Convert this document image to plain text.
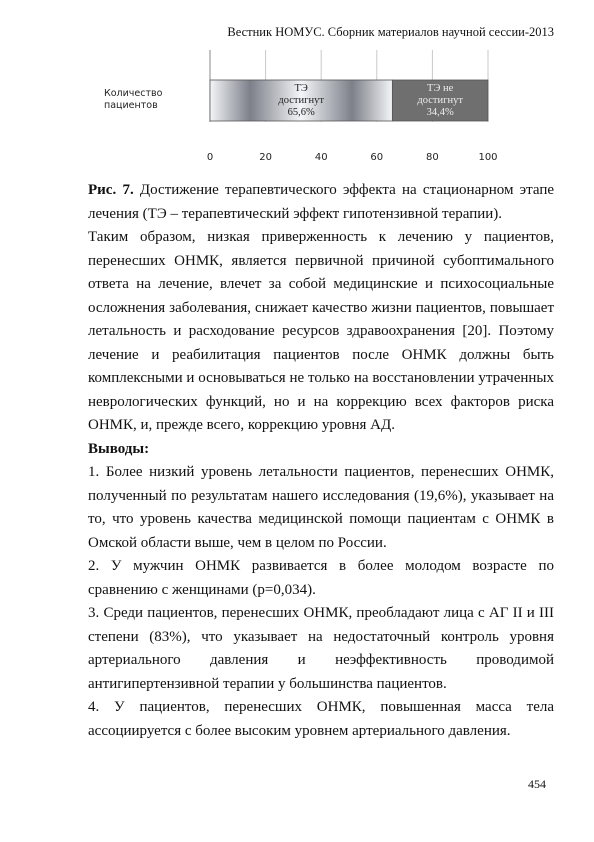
Вестник НОМУС. Сборник материалов научной сессии-2013
ТЭ
достигнут
65,6%
ТЭ не
достигнут
34,4%
Количество
пациентов
0	20	40	60	80	100

Рис. 7. Достижение терапевтического эффекта на стационарном этапе лечения (ТЭ – терапевтический эффект гипотензивной терапии).

Таким образом, низкая приверженность к лечению у пациентов, перенесших ОНМК, является первичной причиной субоптимального ответа на лечение, влечет за собой медицинские и психосоциальные осложнения заболевания, снижает качество жизни пациентов, повышает летальность и расходование ресурсов здравоохранения [20]. Поэтому лечение и реабилитация пациентов после ОНМК должны быть комплексными и основываться не только на восстановлении утраченных неврологических функций, но и на коррекцию всех факторов риска ОНМК, и, прежде всего, коррекцию уровня АД.

Выводы:

1. Более низкий уровень летальности пациентов, перенесших ОНМК, полученный по результатам нашего исследования (19,6%), указывает на то, что уровень качества медицинской помощи пациентам с ОНМК в Омской области выше, чем в целом по России.

2. У мужчин ОНМК развивается в более молодом возрасте по сравнению с женщинами (р=0,034).

3. Среди пациентов, перенесших ОНМК, преобладают лица с АГ II и III степени (83%), что указывает на недостаточный контроль уровня артериального давления и неэффективность проводимой антигипертензивной терапии у большинства пациентов.

4. У пациентов, перенесших ОНМК, повышенная масса тела ассоциируется с более высоким уровнем артериального давления.

454
